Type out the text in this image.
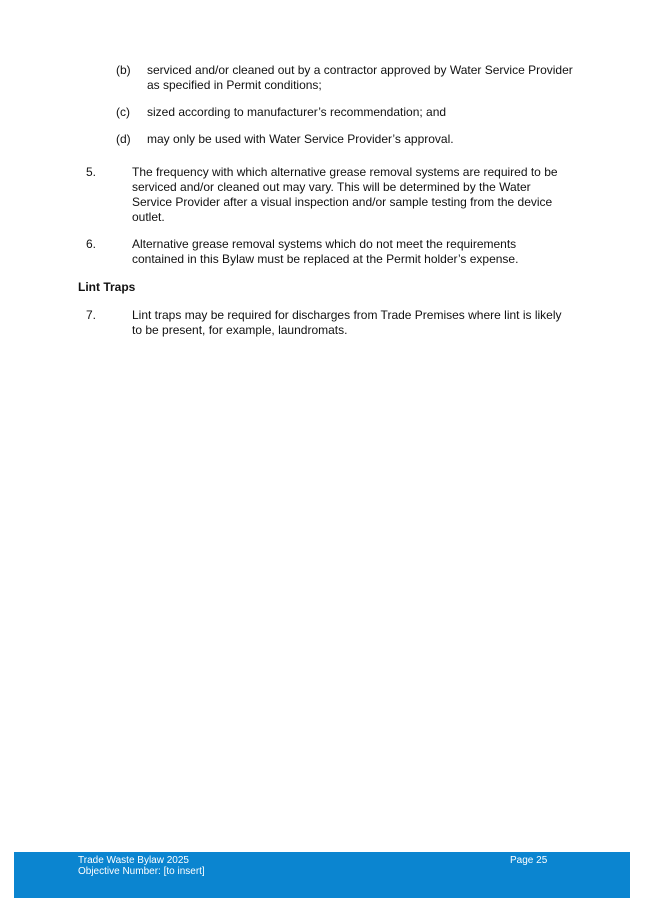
(b) serviced and/or cleaned out by a contractor approved by Water Service Provider
as specified in Permit conditions;
(c) sized according to manufacturer’s recommendation; and
(d) may only be used with Water Service Provider’s approval.
5.	The frequency with which alternative grease removal systems are required to be
serviced and/or cleaned out may vary. This will be determined by the Water
Service Provider after a visual inspection and/or sample testing from the device
outlet.
6.	Alternative grease removal systems which do not meet the requirements
contained in this Bylaw must be replaced at the Permit holder’s expense.
Lint Traps
7.	Lint traps may be required for discharges from Trade Premises where lint is likely
to be present, for example, laundromats.
Trade Waste Bylaw 2025
Objective Number: [to insert]
Page 25
